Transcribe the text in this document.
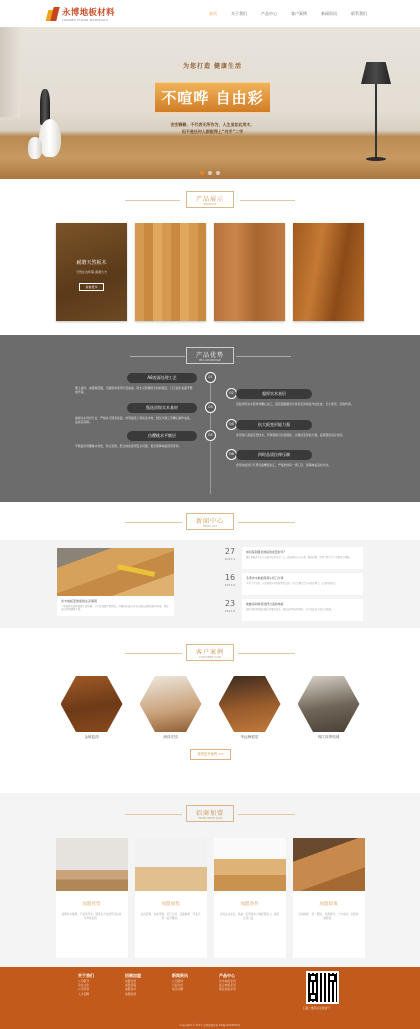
永博地板材料
YONGBO FLOOR MATERIALS
首页	关于我们	产品中心	客户案例	新闻资讯	联系我们
为您打造 健康生活
不喧哗 自由彩
安安静静，不代表无所作为，人生虽如此用木，
但不是任何人都配得上“对手”二字
产品展示
PRODUCT
耐磨天然板木
天然生态环保·美观大方
查看更多
产品优势
PRO ADVANTAGE
A8表面处理工艺	01
栗上漆作，被摆栽创服，冬路原单使用天然油漆，防水又防潮并长时间稳定，行云流水表面平整的外观。	02	超厚实木表层
表层选用实木原材料精心加工，高密度耐磨设计具有优异的抗冲击性能，长久使用，家族传承。
甄选顶级实木基材	03
重视实木用材专业，严格执行国家标准，选用最佳上等优质木材，经过多道工序精心制作成品，品质有保障。	04	抗大板变形能力强
选用进口高温定型技术，环保等级可达到国标，实现抗变形能力强、温度湿度适应性好。
仿樱桃木平衡层	05
平衡层选用樱桃木材质，防止变形，配合地热使用安全可靠，更好保障地板使用寿命。
06	四时品质拉伸压制
选用优质进口专用设备精密加工，严格把控每一道工序，保障地板品质出众。
新闻中心
NEWS LIST
实木地板安装前的注意事项
一般地板安装时需要注意防潮，并注意地面平整情况，正确的安装方式可以延长地板的使用寿命，保证室内环境健康美观。
27
2017-5
如何鉴别强化地板的质量好坏？
强化地板近年来在家装中使用非常广泛，挑选时可以从外观、耐磨转数、环保等级等几个方面进行判断。
16
2017-6
冬季实木地板保养小窍门分享
冬季空气干燥，实木地板容易出现开裂变形，日常需要注意室内湿度调节，定期打蜡保养。
23
2017-6
地暖房间如何选择合适的地板
地暖环境对地板的稳定性要求较高，建议选择导热性能好、尺寸稳定的多层实木地板。
客户案例
CUSTOMER CASE
金域蓝湾	润泽庄园	华远枫悦居	珠江四季悦城
查看更多案例 >>
招商加盟
INVESTMENT JOIN
加盟优势
品牌实力雄厚，产品线齐全，提供全方位的开店扶持与市场支持。
加盟流程
在线咨询、实地考察、签订合同、店面装修、开业运营一站式服务。
加盟条件
认同企业文化，具备一定资金实力和经营能力，拥有合适门店。
加盟政策
区域保护、统一配送、免费培训、广告支持，全程协助经营。
关于我们
公司简介
企业文化
公司荣誉
人才招聘
招商加盟
加盟优势
加盟流程
加盟条件
加盟政策
新闻资讯
公司新闻
行业动态
常见问题
产品中心
实木地板系列
复合地板系列
强化地板系列
扫描二维码关注微信号
Copyright © 2017 永博地板材料 ICP备12345678号
